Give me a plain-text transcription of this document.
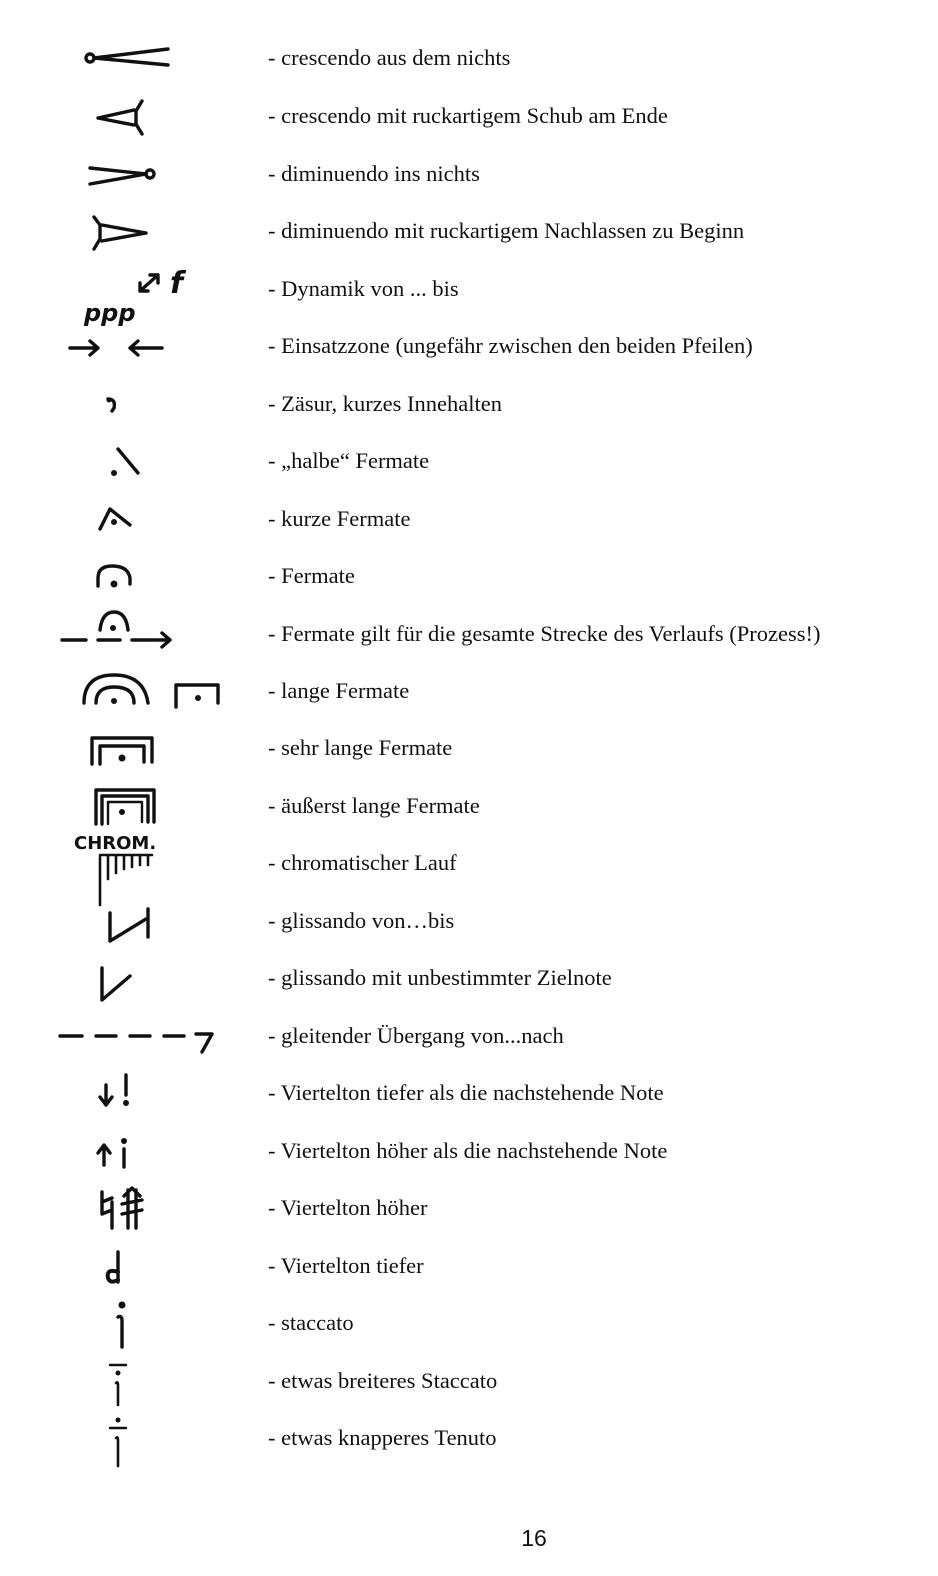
- crescendo aus dem nichts
- crescendo mit ruckartigem Schub am Ende
- diminuendo ins nichts
- diminuendo mit ruckartigem Nachlassen zu Beginn
ppp
f	- Dynamik von ... bis
- Einsatzzone (ungefähr zwischen den beiden Pfeilen)
- Zäsur, kurzes Innehalten
- „halbe“ Fermate
- kurze Fermate
- Fermate
- Fermate gilt für die gesamte Strecke des Verlaufs (Prozess!)
- lange Fermate
- sehr lange Fermate
- äußerst lange Fermate
CHROM.
- chromatischer Lauf
- glissando von…bis
- glissando mit unbestimmter Zielnote
- gleitender Übergang von...nach
- Viertelton tiefer als die nachstehende Note
- Viertelton höher als die nachstehende Note
- Viertelton höher
- Viertelton tiefer
- staccato
- etwas breiteres Staccato
- etwas knapperes Tenuto
16
